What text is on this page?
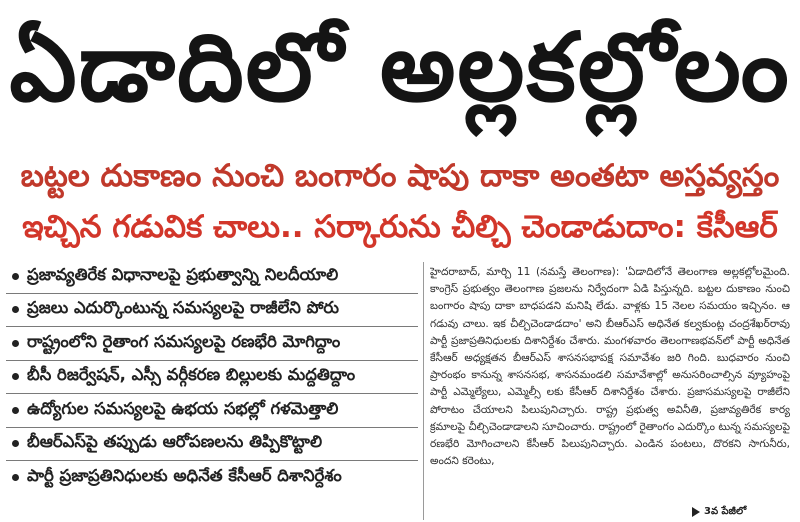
ఏడాదిలో అల్లకల్లోలం
బట్టల దుకాణం నుంచి బంగారం షాపు దాకా అంతటా అస్తవ్యస్తం
ఇచ్చిన గడువిక చాలు.. సర్కారును చీల్చి చెండాడుదాం: కేసీఆర్
ప్రజావ్యతిరేక విధానాలపై ప్రభుత్వాన్ని నిలదీయాలి
ప్రజలు ఎదుర్కొంటున్న సమస్యలపై రాజీలేని పోరు
రాష్ట్రంలోని రైతాంగ సమస్యలపై రణభేరి మోగిద్దాం
బీసీ రిజర్వేషన్, ఎస్సీ వర్గీకరణ బిల్లులకు మద్దతిద్దాం
ఉద్యోగుల సమస్యలపై ఉభయ సభల్లో గళమెత్తాలి
బీఆర్ఎస్‌పై తప్పుడు ఆరోపణలను తిప్పికొట్టాలి
పార్టీ ప్రజాప్రతినిధులకు అధినేత కేసీఆర్ దిశానిర్దేశం
హైదరాబాద్, మార్చి 11 (నమస్తే తెలంగాణ): 'ఏడాదిలోనే తెలంగాణ అల్లకల్లోలమైంది. కాంగ్రెస్ ప్రభుత్వం తెలంగాణ ప్రజలను నిర్వేదంగా ఏడి పిస్తున్నది. బట్టల దుకాణం నుంచి బంగారం షాపు దాకా బాధపడని మనిషి లేడు. వాళ్లకు 15 నెలల సమయం ఇచ్చినం. ఆ గడువు చాలు. ఇక చీల్చిచెండాడదాం' అని బీఆర్ఎస్ అధినేత కల్వకుంట్ల చంద్రశేఖర్‌రావు పార్టీ ప్రజాప్రతినిధులకు దిశానిర్దేశం చేశారు. మంగళవారం తెలంగాణభవన్‌లో పార్టీ అధినేత కేసీఆర్ అధ్యక్షతన బీఆర్ఎస్ శాసనసభాపక్ష సమావేశం జరి గింది. బుధవారం నుంచి ప్రారంభం కానున్న శాసనసభ, శాసనమండలి సమావేశాల్లో అనుసరించాల్సిన వ్యూహంపై పార్టీ ఎమ్మెల్యేలు, ఎమ్మెల్సీ లకు కేసీఆర్ దిశానిర్దేశం చేశారు. ప్రజాసమస్యలపై రాజీలేని పోరాటం చేయాలని పిలుపునిచ్చారు. రాష్ట్ర ప్రభుత్వ అవినీతి, ప్రజావ్యతిరేక కార్య క్రమాలపై చీల్చిచెండాడాలని సూచించారు. రాష్ట్రంలో రైతాంగం ఎదుర్కొం టున్న సమస్యలపై రణభేరి మోగించాలని కేసీఆర్ పిలుపునిచ్చారు. ఎండిన పంటలు, దొరకని సాగునీరు, అందని కరెంటు,
3వ పేజీలో
